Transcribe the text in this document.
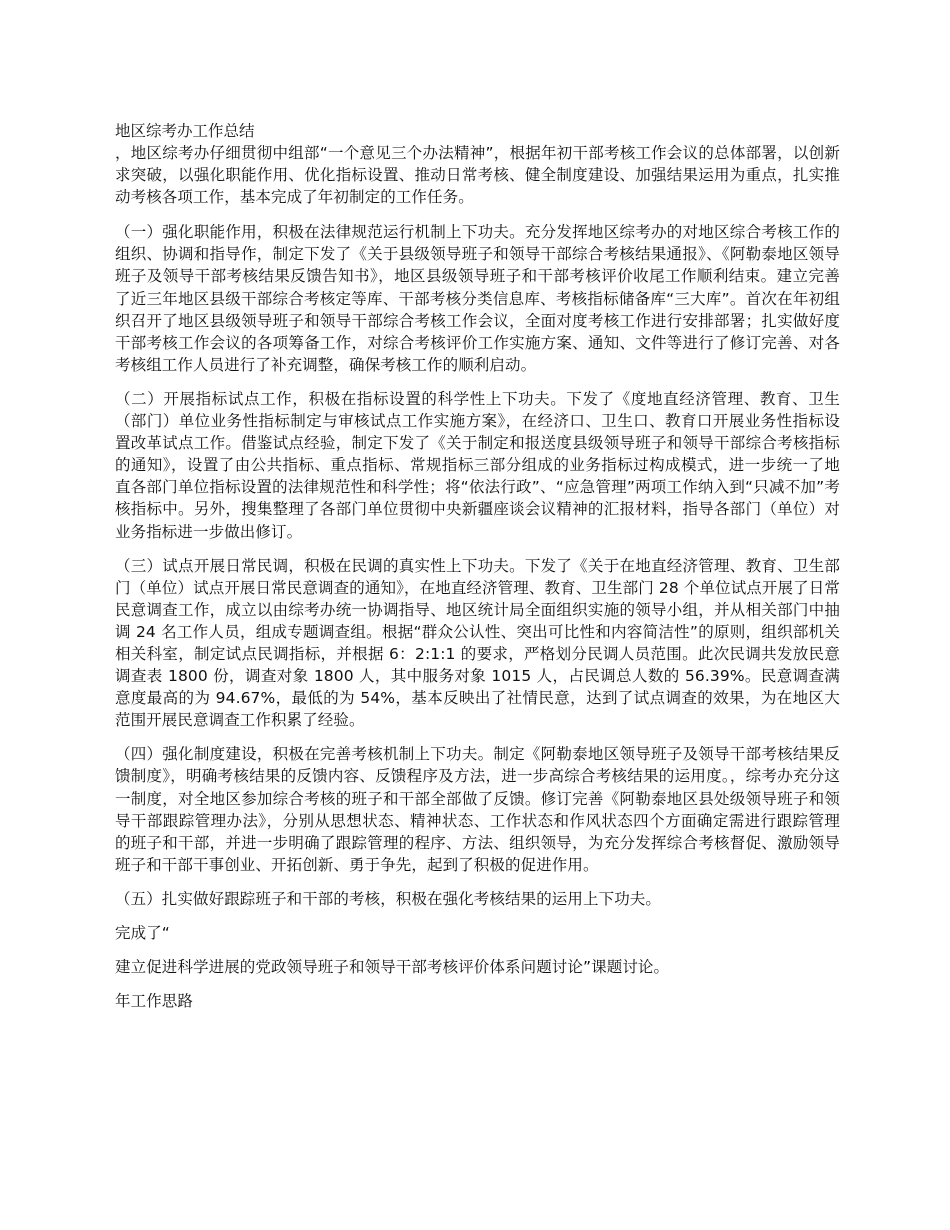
地区综考办工作总结

，地区综考办仔细贯彻中组部“一个意见三个办法精神”，根据年初干部考核工作会议的总体部署，以创新求突破，以强化职能作用、优化指标设置、推动日常考核、健全制度建设、加强结果运用为重点，扎实推动考核各项工作，基本完成了年初制定的工作任务。

（一）强化职能作用，积极在法律规范运行机制上下功夫。充分发挥地区综考办的对地区综合考核工作的组织、协调和指导作，制定下发了《关于县级领导班子和领导干部综合考核结果通报》、《阿勒泰地区领导班子及领导干部考核结果反馈告知书》，地区县级领导班子和干部考核评价收尾工作顺利结束。建立完善了近三年地区县级干部综合考核定等库、干部考核分类信息库、考核指标储备库“三大库”。首次在年初组织召开了地区县级领导班子和领导干部综合考核工作会议，全面对度考核工作进行安排部署；扎实做好度干部考核工作会议的各项筹备工作，对综合考核评价工作实施方案、通知、文件等进行了修订完善、对各考核组工作人员进行了补充调整，确保考核工作的顺利启动。

（二）开展指标试点工作，积极在指标设置的科学性上下功夫。下发了《度地直经济管理、教育、卫生（部门）单位业务性指标制定与审核试点工作实施方案》，在经济口、卫生口、教育口开展业务性指标设置改革试点工作。借鉴试点经验，制定下发了《关于制定和报送度县级领导班子和领导干部综合考核指标的通知》，设置了由公共指标、重点指标、常规指标三部分组成的业务指标过构成模式，进一步统一了地直各部门单位指标设置的法律规范性和科学性；将“依法行政”、“应急管理”两项工作纳入到“只减不加”考核指标中。另外，搜集整理了各部门单位贯彻中央新疆座谈会议精神的汇报材料，指导各部门（单位）对业务指标进一步做出修订。

（三）试点开展日常民调，积极在民调的真实性上下功夫。下发了《关于在地直经济管理、教育、卫生部门（单位）试点开展日常民意调查的通知》，在地直经济管理、教育、卫生部门 28 个单位试点开展了日常民意调查工作，成立以由综考办统一协调指导、地区统计局全面组织实施的领导小组，并从相关部门中抽调 24 名工作人员，组成专题调查组。根据“群众公认性、突出可比性和内容简洁性”的原则，组织部机关相关科室，制定试点民调指标，并根据 6：2:1:1 的要求，严格划分民调人员范围。此次民调共发放民意调查表 1800 份，调查对象 1800 人，其中服务对象 1015 人，占民调总人数的 56.39%。民意调查满意度最高的为 94.67%，最低的为 54%，基本反映出了社情民意，达到了试点调查的效果，为在地区大范围开展民意调查工作积累了经验。

（四）强化制度建设，积极在完善考核机制上下功夫。制定《阿勒泰地区领导班子及领导干部考核结果反馈制度》，明确考核结果的反馈内容、反馈程序及方法，进一步高综合考核结果的运用度。，综考办充分这一制度，对全地区参加综合考核的班子和干部全部做了反馈。修订完善《阿勒泰地区县处级领导班子和领导干部跟踪管理办法》，分别从思想状态、精神状态、工作状态和作风状态四个方面确定需进行跟踪管理的班子和干部，并进一步明确了跟踪管理的程序、方法、组织领导，为充分发挥综合考核督促、激励领导班子和干部干事创业、开拓创新、勇于争先，起到了积极的促进作用。

（五）扎实做好跟踪班子和干部的考核，积极在强化考核结果的运用上下功夫。

完成了“

建立促进科学进展的党政领导班子和领导干部考核评价体系问题讨论”课题讨论。

年工作思路
